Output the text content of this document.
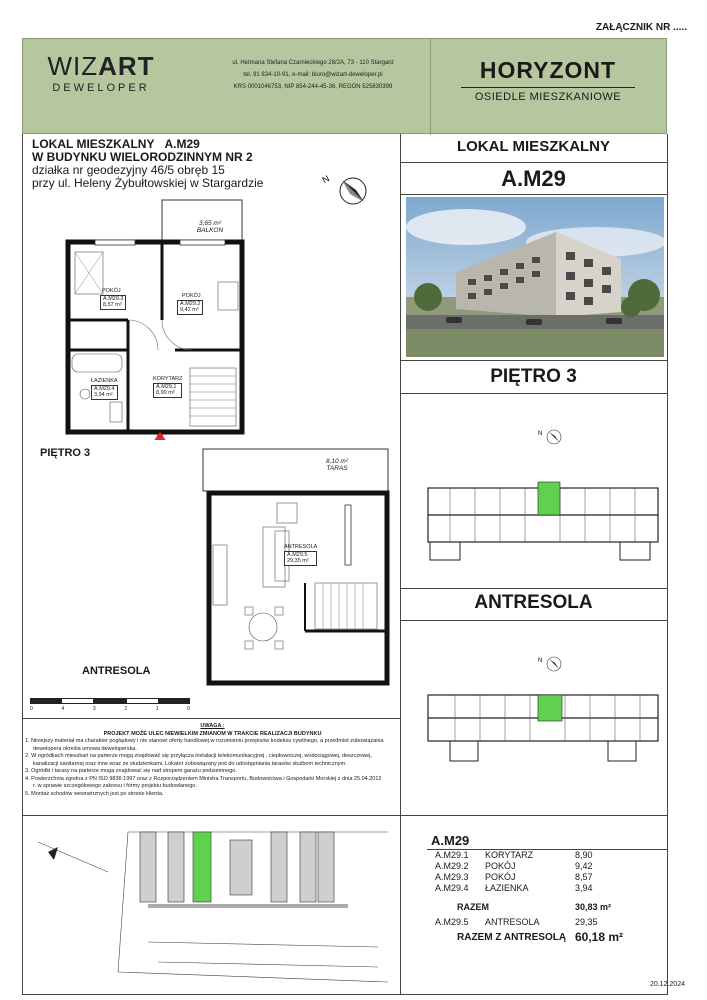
ZAŁĄCZNIK NR .....
WIZART
DEWELOPER
ul. Hetmana Stefana Czarnieckiego 28/2A, 73 - 110 Stargard
tel. 91 834-10-91, e-mail: biuro@wizart-deweloper.pl
KRS 0001046753, NIP 854-244-45-36, REGON 525830399
HORYZONT
OSIEDLE MIESZKANIOWE
LOKAL MIESZKALNY A.M29
W BUDYNKU WIELORODZINNYM NR 2
działka nr geodezyjny 46/5 obręb 15
przy ul. Heleny Żybułtowskiej w Stargardzie	N
3,65 m²
BALKON
POKÓJ
A.M29.3
8,57 m²
POKÓJ
A.M29.2
9,42 m²
ŁAZIENKA
A.M29.4
3,94 m²
KORYTARZ
A.M29.1
8,90 m²
PIĘTRO 3
8,10 m²
TARAS
ANTRESOLA
A.M29.5
29,35 m²
ANTRESOLA
0	4	3	2	1	0
UWAGA :
PROJEKT MOŻE ULEC NIEWIELKIM ZMIANOM W TRAKCIE REALIZACJI BUDYNKU
1. Niniejszy materiał ma charakter poglądowy i nie stanowi oferty handlowej w rozumieniu przepisów kodeksu cywilnego, a przedmiot zobowiązania
dewelopera określa umowa deweloperska.
2. W ogródkach mieszkań na parterze mogą znajdować się przyłącza instalacji telekomunikacyjnej , ciepłowniczej, wodociągowej, deszczowej,
kanalizacji sanitarnej oraz inne wraz ze studzienkami. Lokator zobowiązany jest do udostępniania tarasów służbom technicznym.
3. Ogródki i tarasy na parterze mogą znajdować się nad stropem garażu podziemnego.
4. Powierzchnia zgodna z PN ISO 9836:1997 oraz z Rozporządzeniem Ministra Transportu, Budownictwa i Gospodarki Morskiej z dnia 25.04.2012
r. w sprawie szczegółowego zakresu i formy projektu budowlanego.
5. Montaż schodów wewnętrznych jest po stronie klienta.
LOKAL MIESZKALNY
A.M29
PIĘTRO 3
N
ANTRESOLA
N
A.M29
A.M29.1	KORYTARZ	8,90
A.M29.2	POKÓJ	9,42
A.M29.3	POKÓJ	8,57
A.M29.4	ŁAZIENKA	3,94
RAZEM	30,83 m²
A.M29.5	ANTRESOLA	29,35
RAZEM Z ANTRESOLĄ 60,18 m²
20.12.2024
